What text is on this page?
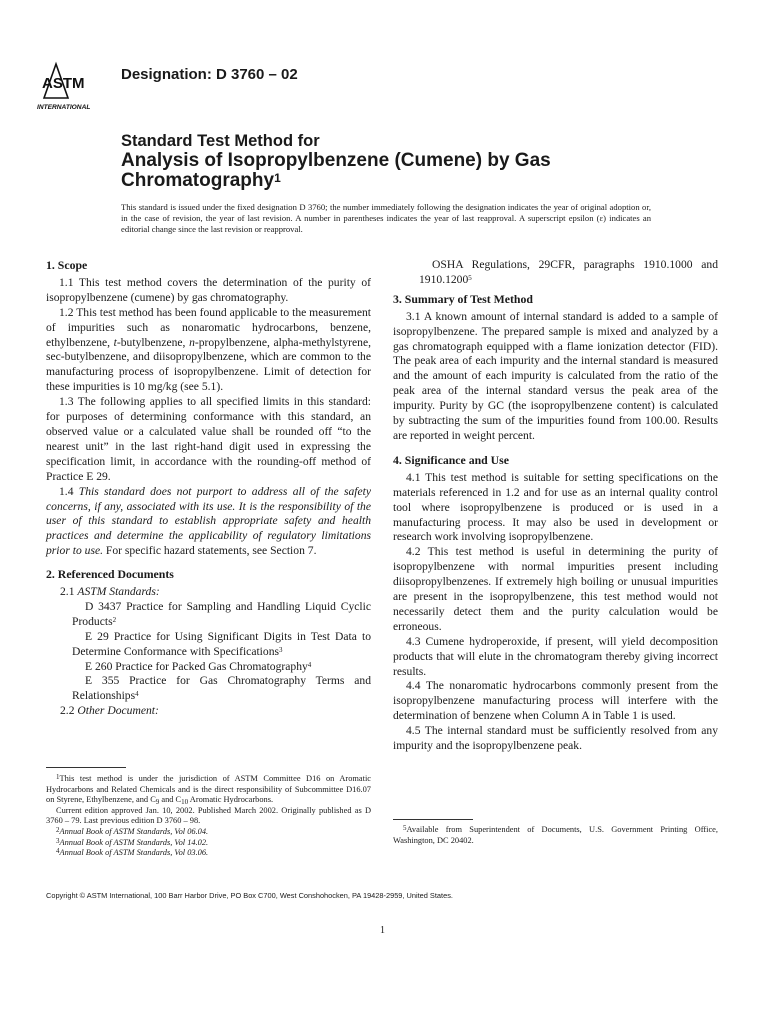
ASTM
INTERNATIONAL
Designation: D 3760 – 02
Standard Test Method for
Analysis of Isopropylbenzene (Cumene) by Gas
Chromatography$^1$
This standard is issued under the fixed designation D 3760; the number immediately following the designation indicates the year of original adoption or, in the case of revision, the year of last revision. A number in parentheses indicates the year of last reapproval. A superscript epsilon (ε) indicates an editorial change since the last revision or reapproval.
1. Scope

1.1 This test method covers the determination of the purity of isopropylbenzene (cumene) by gas chromatography.

1.2 This test method has been found applicable to the measurement of impurities such as nonaromatic hydrocarbons, benzene, ethylbenzene, t-butylbenzene, n-propylbenzene, alpha-methylstyrene, sec-butylbenzene, and diisopropylbenzene, which are common to the manufacturing process of isopropylbenzene. Limit of detection for these impurities is 10 mg/kg (see 5.1).

1.3 The following applies to all specified limits in this standard: for purposes of determining conformance with this standard, an observed value or a calculated value shall be rounded off “to the nearest unit” in the last right-hand digit used in expressing the specification limit, in accordance with the rounding-off method of Practice E 29.

1.4 This standard does not purport to address all of the safety concerns, if any, associated with its use. It is the responsibility of the user of this standard to establish appropriate safety and health practices and determine the applicability of regulatory limitations prior to use. For specific hazard statements, see Section 7.

2. Referenced Documents

2.1 ASTM Standards:

D 3437 Practice for Sampling and Handling Liquid Cyclic Products$^2$

E 29 Practice for Using Significant Digits in Test Data to Determine Conformance with Specifications$^3$

E 260 Practice for Packed Gas Chromatography$^4$

E 355 Practice for Gas Chromatography Terms and Relationships$^4$

2.2 Other Document:

$^1$This test method is under the jurisdiction of ASTM Committee D16 on Aromatic Hydrocarbons and Related Chemicals and is the direct responsibility of Subcommittee D16.07 on Styrene, Ethylbenzene, and $C_9$ and $C_{10}$ Aromatic Hydrocarbons.

Current edition approved Jan. 10, 2002. Published March 2002. Originally published as D 3760 – 79. Last previous edition D 3760 – 98.

$^2$Annual Book of ASTM Standards, Vol 06.04.

$^3$Annual Book of ASTM Standards, Vol 14.02.

$^4$Annual Book of ASTM Standards, Vol 03.06.

OSHA Regulations, 29CFR, paragraphs 1910.1000 and 1910.1200$^5$

3. Summary of Test Method

3.1 A known amount of internal standard is added to a sample of isopropylbenzene. The prepared sample is mixed and analyzed by a gas chromatograph equipped with a flame ionization detector (FID). The peak area of each impurity and the internal standard is measured and the amount of each impurity is calculated from the ratio of the peak area of the internal standard versus the peak area of the impurity. Purity by GC (the isopropylbenzene content) is calculated by subtracting the sum of the impurities found from 100.00. Results are reported in weight percent.

4. Significance and Use

4.1 This test method is suitable for setting specifications on the materials referenced in 1.2 and for use as an internal quality control tool where isopropylbenzene is produced or is used in a manufacturing process. It may also be used in development or research work involving isopropylbenzene.

4.2 This test method is useful in determining the purity of isopropylbenzene with normal impurities present including diisopropylbenzenes. If extremely high boiling or unusual impurities are present in the isopropylbenzene, this test method would not necessarily detect them and the purity calculation would be erroneous.

4.3 Cumene hydroperoxide, if present, will yield decomposition products that will elute in the chromatogram thereby giving incorrect results.

4.4 The nonaromatic hydrocarbons commonly present from the isopropylbenzene manufacturing process will interfere with the determination of benzene when Column A in Table 1 is used.

4.5 The internal standard must be sufficiently resolved from any impurity and the isopropylbenzene peak.

$^5$Available from Superintendent of Documents, U.S. Government Printing Office, Washington, DC 20402.

Copyright © ASTM International, 100 Barr Harbor Drive, PO Box C700, West Conshohocken, PA 19428-2959, United States.
1
